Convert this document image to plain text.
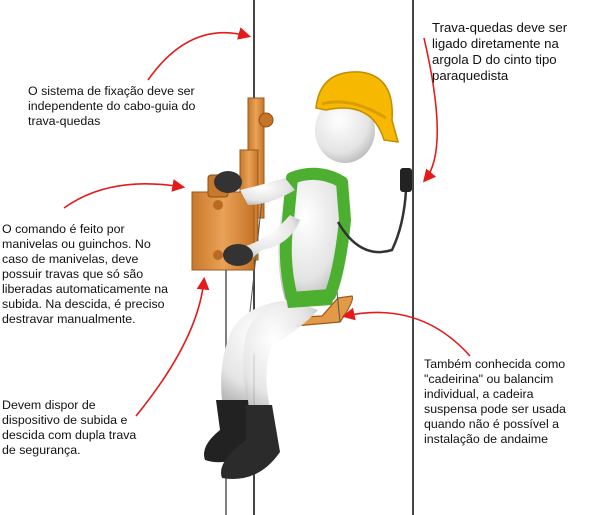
Trava-quedas deve ser ligado diretamente na argola D do cinto tipo paraquedista
O sistema de fixação deve ser independente do cabo-guia do trava-quedas
O comando é feito por manivelas ou guinchos. No caso de manivelas, deve possuir travas que só são liberadas automaticamente na subida. Na descida, é preciso destravar manualmente.
Devem dispor de dispositivo de subida e descida com dupla trava de segurança.
Também conhecida como "cadeirina" ou balancim individual, a cadeira suspensa pode ser usada quando não é possível a instalação de andaime
